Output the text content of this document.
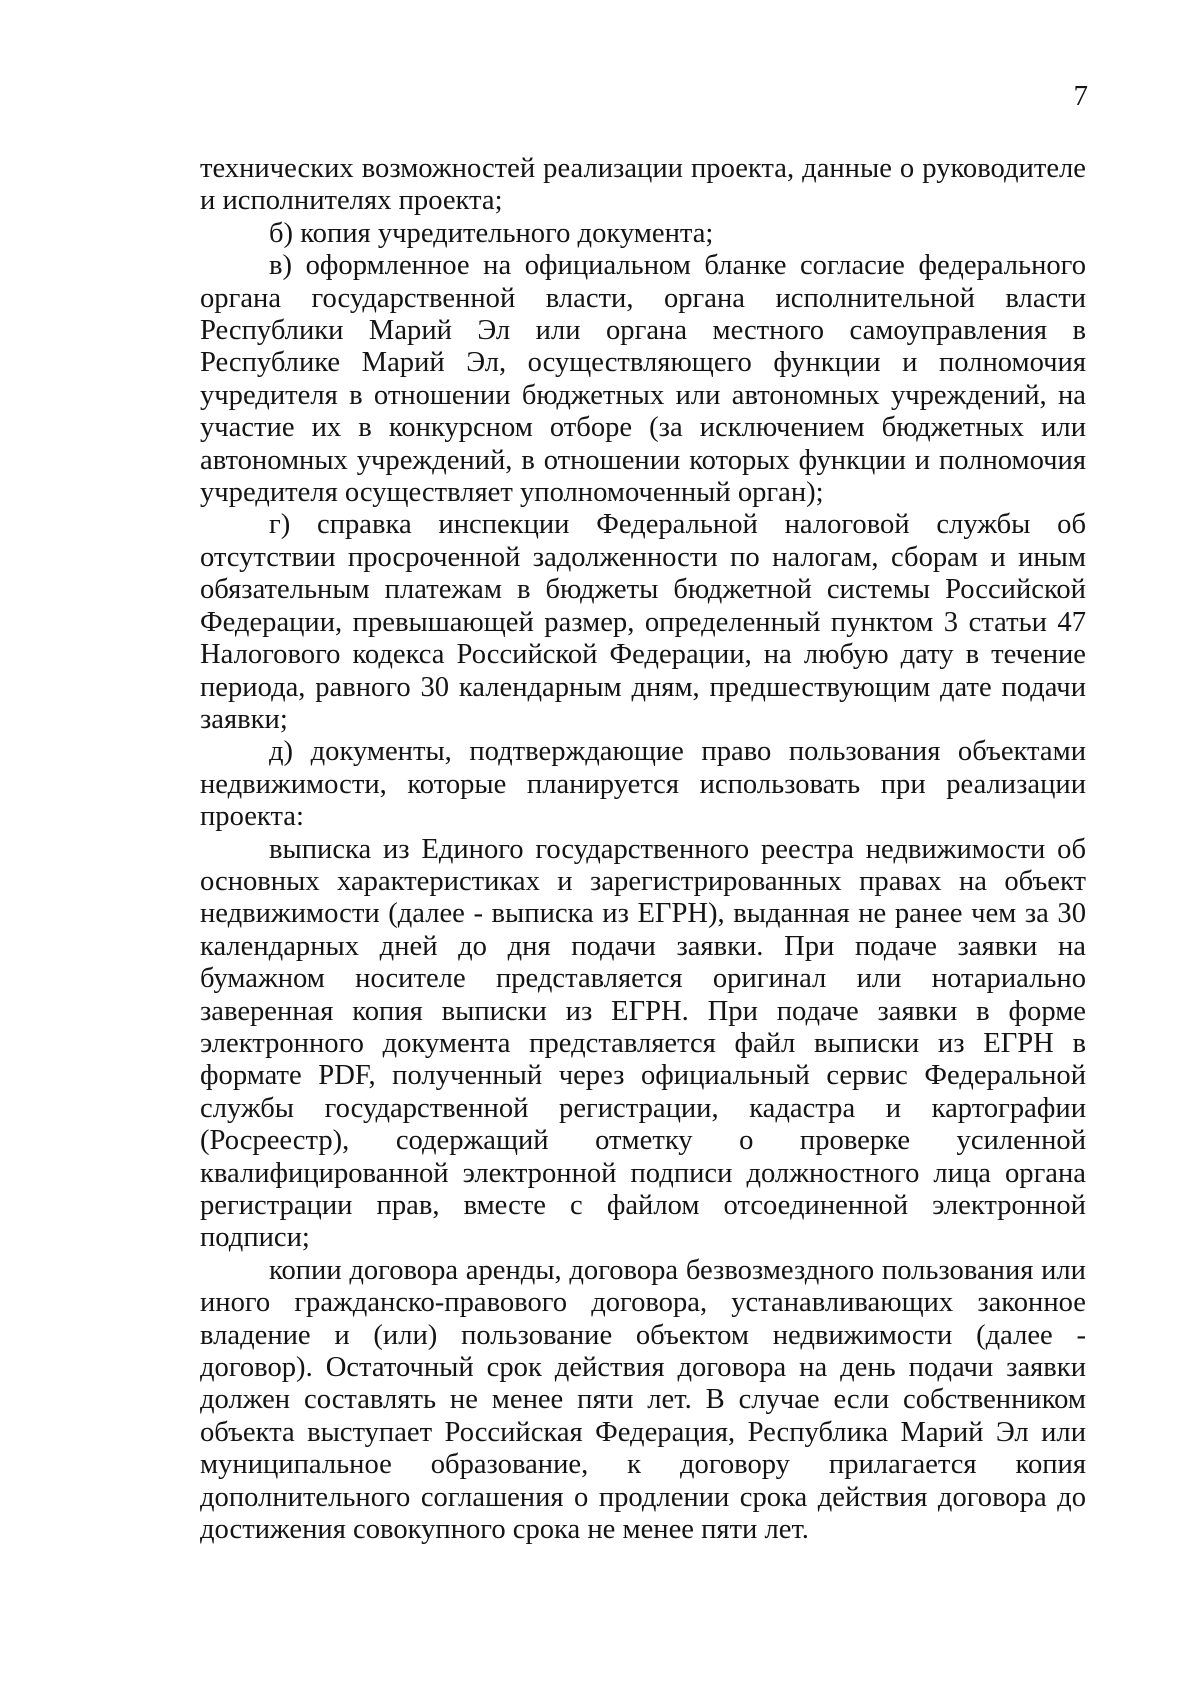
7

технических возможностей реализации проекта, данные о руководителе и исполнителях проекта;

б) копия учредительного документа;

в) оформленное на официальном бланке согласие федерального органа государственной власти, органа исполнительной власти Республики Марий Эл или органа местного самоуправления в Республике Марий Эл, осуществляющего функции и полномочия учредителя в отношении бюджетных или автономных учреждений, на участие их в конкурсном отборе (за исключением бюджетных или автономных учреждений, в отношении которых функции и полномочия учредителя осуществляет уполномоченный орган);

г) справка инспекции Федеральной налоговой службы об отсутствии просроченной задолженности по налогам, сборам и иным обязательным платежам в бюджеты бюджетной системы Российской Федерации, превышающей размер, определенный пунктом 3 статьи 47 Налогового кодекса Российской Федерации, на любую дату в течение периода, равного 30 календарным дням, предшествующим дате подачи заявки;

д) документы, подтверждающие право пользования объектами недвижимости, которые планируется использовать при реализации проекта:

выписка из Единого государственного реестра недвижимости об основных характеристиках и зарегистрированных правах на объект недвижимости (далее - выписка из ЕГРН), выданная не ранее чем за 30 календарных дней до дня подачи заявки. При подаче заявки на бумажном носителе представляется оригинал или нотариально заверенная копия выписки из ЕГРН. При подаче заявки в форме электронного документа представляется файл выписки из ЕГРН в формате PDF, полученный через официальный сервис Федеральной службы государственной регистрации, кадастра и картографии (Росреестр), содержащий отметку о проверке усиленной квалифицированной электронной подписи должностного лица органа регистрации прав, вместе с файлом отсоединенной электронной подписи;

копии договора аренды, договора безвозмездного пользования или иного гражданско-правового договора, устанавливающих законное владение и (или) пользование объектом недвижимости (далее - договор). Остаточный срок действия договора на день подачи заявки должен составлять не менее пяти лет. В случае если собственником объекта выступает Российская Федерация, Республика Марий Эл или муниципальное образование, к договору прилагается копия дополнительного соглашения о продлении срока действия договора до достижения совокупного срока не менее пяти лет.
